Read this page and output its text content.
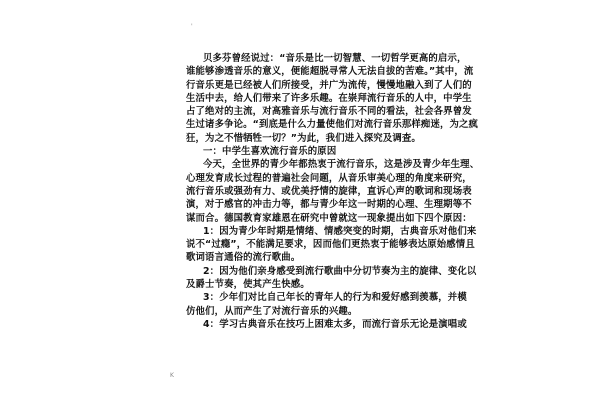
'
贝多芬曾经说过：“音乐是比一切智慧、一切哲学更高的启示，
谁能够渗透音乐的意义，便能超脱寻常人无法自拔的苦难。”其中，流
行音乐更是已经被人们所接受，并广为流传，慢慢地融入到了人们的
生活中去，给人们带来了许多乐趣。在崇拜流行音乐的人中，中学生
占了绝对的主流，对高雅音乐与流行音乐不同的看法，社会各界曾发
生过诸多争论。“到底是什么力量使他们对流行音乐那样痴迷，为之疯
狂，为之不惜牺牲一切？”为此，我们进入探究及调查。
一：中学生喜欢流行音乐的原因
今天，全世界的青少年都热衷于流行音乐，这是涉及青少年生理、
心理发育成长过程的普遍社会问题，从音乐审美心理的角度来研究，
流行音乐或强劲有力、或优美抒情的旋律，直诉心声的歌词和现场表
演，对于感官的冲击力等，都与青少年这一时期的心理、生理期等不
谋而合。德国教育家雄恩在研究中曾就这一现象提出如下四个原因：
1：因为青少年时期是情绪、情感突变的时期，古典音乐对他们来
说不“过瘾”，不能满足要求，因而他们更热衷于能够表达原始感情且
歌词语言通俗的流行歌曲。
2：因为他们亲身感受到流行歌曲中分切节奏为主的旋律、变化以
及爵士节奏，使其产生快感。
3：少年们对比自己年长的青年人的行为和爱好感到羡慕，并模
仿他们，从而产生了对流行音乐的兴趣。
4：学习古典音乐在技巧上困难太多，而流行音乐无论是演唱或
K
